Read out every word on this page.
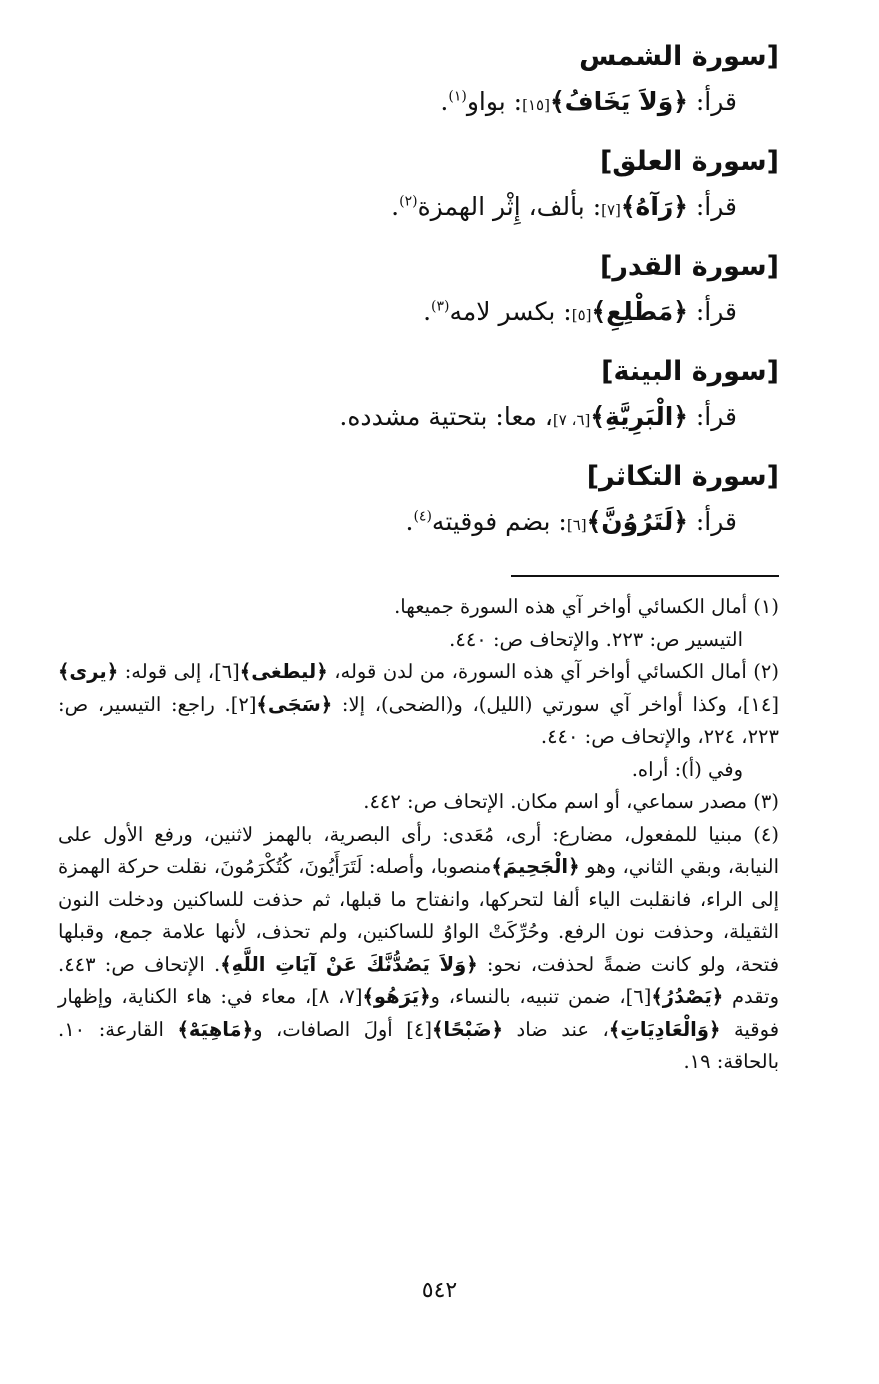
[سورة الشمس
قرأ: ﴿وَلاَ يَخَافُ﴾[١٥]: بواو$^{(١)}$.
[سورة العلق]
قرأ: ﴿رَآهُ﴾[٧]: بألف، إِثْر الهمزة$^{(٢)}$.
[سورة القدر]
قرأ: ﴿مَطْلِعِ﴾[٥]: بكسر لامه$^{(٣)}$.
[سورة البينة]
قرأ: ﴿الْبَرِيَّةِ﴾[٦، ٧]، معا: بتحتية مشدده.
[سورة التكاثر]
قرأ: ﴿لَتَرُوُنَّ﴾[٦]: بضم فوقيته$^{(٤)}$.

(١) أمال الكسائي أواخر آي هذه السورة جميعها.

التيسير ص: ٢٢٣. والإتحاف ص: ٤٤٠.

(٢) أمال الكسائي أواخر آي هذه السورة، من لدن قوله، ﴿ليطغى﴾[٦]، إلى قوله: ﴿يرى﴾[١٤]، وكذا أواخر آي سورتي (الليل)، و(الضحى)، إلا: ﴿سَجَى﴾[٢]. راجع: التيسير، ص: ٢٢٣، ٢٢٤، والإتحاف ص: ٤٤٠.

وفي (أ): أراه.

(٣) مصدر سماعي، أو اسم مكان. الإتحاف ص: ٤٤٢.

(٤) مبنيا للمفعول، مضارع: أرى، مُعَدى: رأى البصرية، بالهمز لاثنين، ورفع الأول على النيابة، وبقي الثاني، وهو ﴿الْجَحِيمَ﴾منصوبا، وأصله: لَتَرَأَيُونَ، كُتُكْرَمُونَ، نقلت حركة الهمزة إلى الراء، فانقلبت الياء ألفا لتحركها، وانفتاح ما قبلها، ثم حذفت للساكنين ودخلت النون الثقيلة، وحذفت نون الرفع. وحُرِّكَتْ الواوُ للساكنين، ولم تحذف، لأنها علامة جمع، وقبلها فتحة، ولو كانت ضمةً لحذفت، نحو: ﴿وَلاَ يَصُدُّنَّكَ عَنْ آيَاتِ اللَّهِ﴾. الإتحاف ص: ٤٤٣. وتقدم ﴿يَصْدُرُ﴾[٦]، ضمن تنبيه، بالنساء، و﴿يَرَهُو﴾[٧، ٨]، معاء في: هاء الكناية، وإظهار فوقية ﴿وَالْعَادِيَاتِ﴾، عند ضاد ﴿ضَبْحًا﴾[٤] أولَ الصافات، و﴿مَاهِيَهْ﴾ القارعة: ١٠. بالحاقة: ١٩.

٥٤٢
